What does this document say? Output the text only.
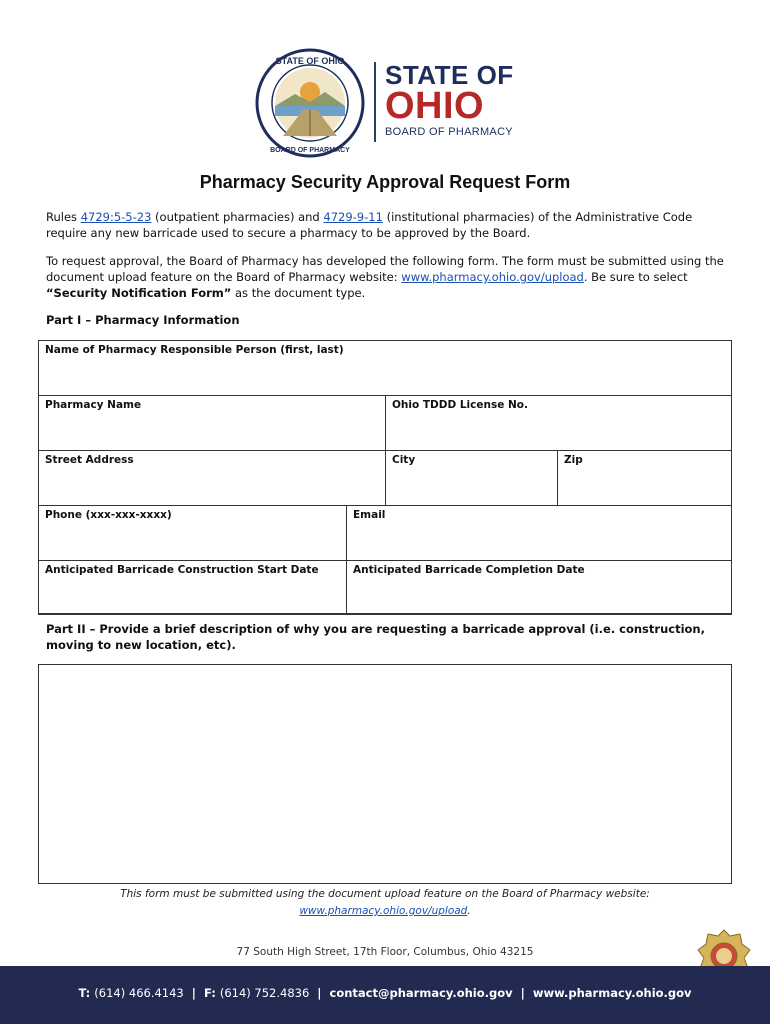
STATE OF OHIO
BOARD OF PHARMACY
STATE OF
OHIO
BOARD OF PHARMACY
Pharmacy Security Approval Request Form
Rules 4729:5-5-23 (outpatient pharmacies) and 4729-9-11 (institutional pharmacies) of the Administrative Code require any new barricade used to secure a pharmacy to be approved by the Board.
To request approval, the Board of Pharmacy has developed the following form. The form must be submitted using the document upload feature on the Board of Pharmacy website: www.pharmacy.ohio.gov/upload. Be sure to select “Security Notification Form” as the document type.
Part I – Pharmacy Information
Name of Pharmacy Responsible Person (first, last)
Pharmacy Name	Ohio TDDD License No.
Street Address	City	Zip
Phone (xxx-xxx-xxxx)	Email
Anticipated Barricade Construction Start Date	Anticipated Barricade Completion Date
Part II – Provide a brief description of why you are requesting a barricade approval (i.e. construction, moving to new location, etc).
This form must be submitted using the document upload feature on the Board of Pharmacy website:
www.pharmacy.ohio.gov/upload.
77 South High Street, 17th Floor, Columbus, Ohio 43215
T: (614) 466.4143 | F: (614) 752.4836 | contact@pharmacy.ohio.gov | www.pharmacy.ohio.gov
